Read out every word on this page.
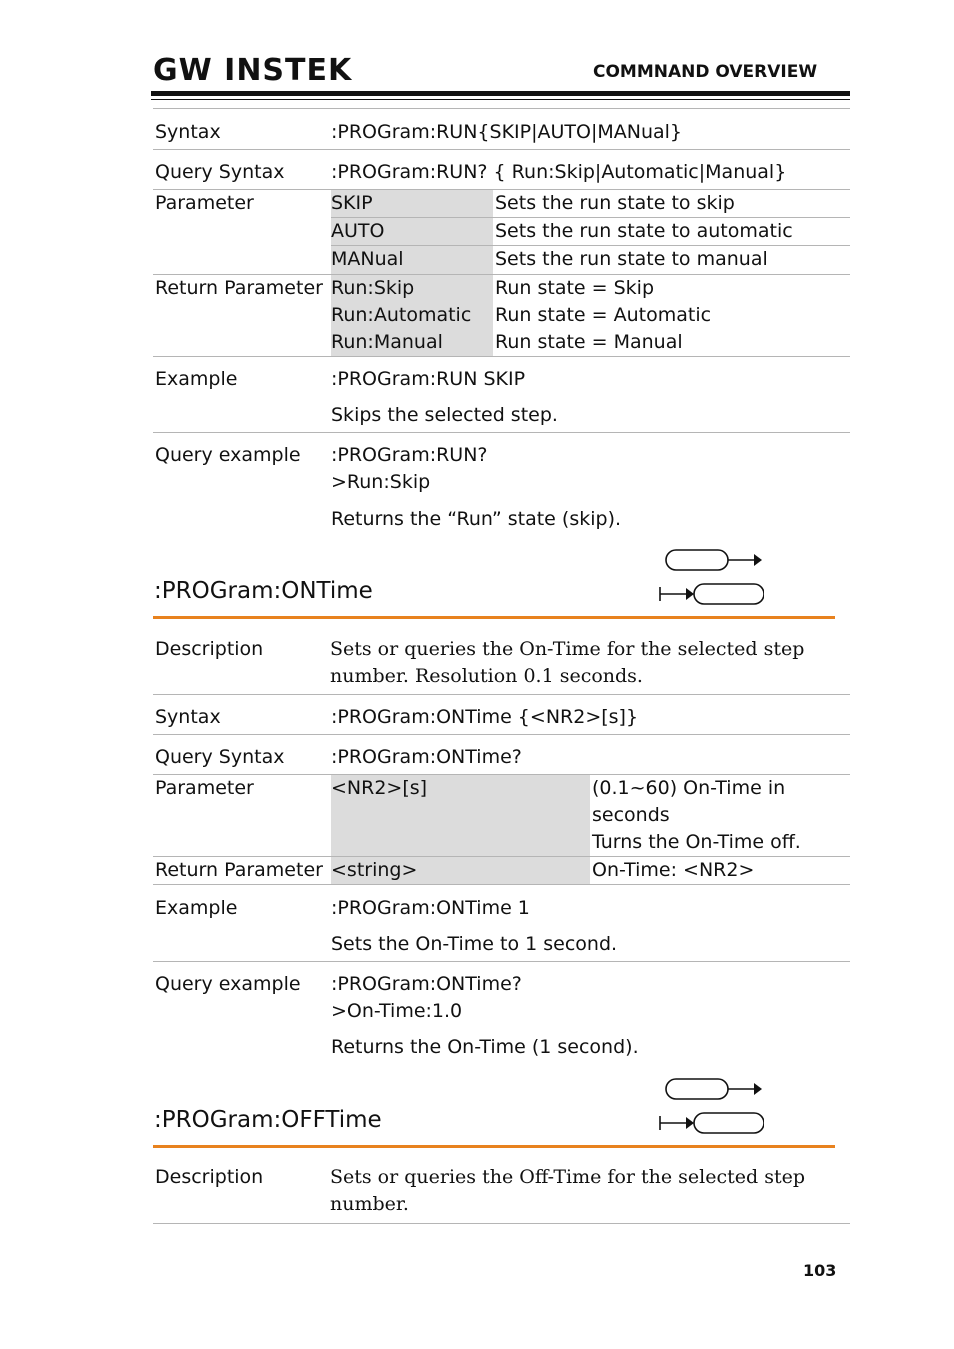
GW INSTEK	COMMNAND OVERVIEW
Syntax	:PROGram:RUN{SKIP|AUTO|MANual}
Query Syntax :PROGram:RUN? { Run:Skip|Automatic|Manual}
Parameter	SKIP	Sets the run state to skip
AUTO	Sets the run state to automatic
MANual	Sets the run state to manual
Return Parameter Run:Skip	Run state = Skip
Run:Automatic Run state = Automatic
Run:Manual	Run state = Manual
Example	:PROGram:RUN SKIP
Skips the selected step.
Query example :PROGram:RUN?
>Run:Skip
Returns the “Run” state (skip).
:PROGram:ONTime
Description	Sets or queries the On-Time for the selected step
number. Resolution 0.1 seconds.
Syntax	:PROGram:ONTime {<NR2>[s]}
Query Syntax :PROGram:ONTime?
Parameter	<NR2>[s]	(0.1~60) On-Time in
seconds
Turns the On-Time off.
Return Parameter <string>	On-Time: <NR2>
Example	:PROGram:ONTime 1
Sets the On-Time to 1 second.
Query example :PROGram:ONTime?
>On-Time:1.0
Returns the On-Time (1 second).
:PROGram:OFFTime
Description	Sets or queries the Off-Time for the selected step
number.
103
